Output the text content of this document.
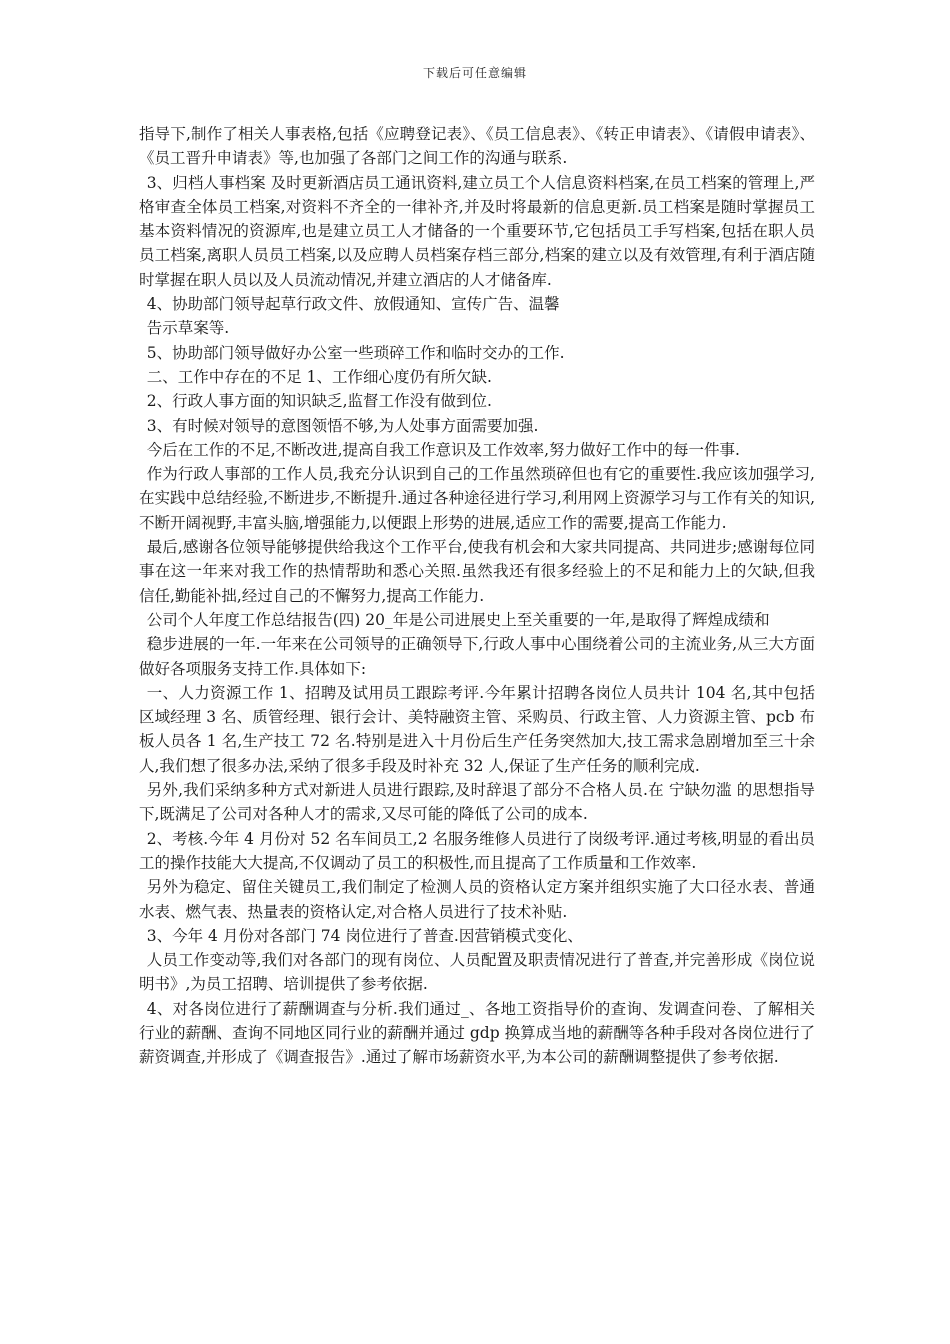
下载后可任意编辑

指导下,制作了相关人事表格,包括《应聘登记表》、《员工信息表》、《转正申请表》、《请假申请表》、《员工晋升申请表》等,也加强了各部门之间工作的沟通与联系.

3、归档人事档案 及时更新酒店员工通讯资料,建立员工个人信息资料档案,在员工档案的管理上,严格审查全体员工档案,对资料不齐全的一律补齐,并及时将最新的信息更新.员工档案是随时掌握员工基本资料情况的资源库,也是建立员工人才储备的一个重要环节,它包括员工手写档案,包括在职人员员工档案,离职人员员工档案,以及应聘人员档案存档三部分,档案的建立以及有效管理,有利于酒店随时掌握在职人员以及人员流动情况,并建立酒店的人才储备库.

4、协助部门领导起草行政文件、放假通知、宣传广告、温馨

告示草案等.

5、协助部门领导做好办公室一些琐碎工作和临时交办的工作.

二、工作中存在的不足 1、工作细心度仍有所欠缺.

2、行政人事方面的知识缺乏,监督工作没有做到位.

3、有时候对领导的意图领悟不够,为人处事方面需要加强.

今后在工作的不足,不断改进,提高自我工作意识及工作效率,努力做好工作中的每一件事.

作为行政人事部的工作人员,我充分认识到自己的工作虽然琐碎但也有它的重要性.我应该加强学习,在实践中总结经验,不断进步,不断提升.通过各种途径进行学习,利用网上资源学习与工作有关的知识,不断开阔视野,丰富头脑,增强能力,以便跟上形势的进展,适应工作的需要,提高工作能力.

最后,感谢各位领导能够提供给我这个工作平台,使我有机会和大家共同提高、共同进步;感谢每位同事在这一年来对我工作的热情帮助和悉心关照.虽然我还有很多经验上的不足和能力上的欠缺,但我信任,勤能补拙,经过自己的不懈努力,提高工作能力.

公司个人年度工作总结报告(四) 20_年是公司进展史上至关重要的一年,是取得了辉煌成绩和

稳步进展的一年.一年来在公司领导的正确领导下,行政人事中心围绕着公司的主流业务,从三大方面做好各项服务支持工作.具体如下:

一、人力资源工作 1、招聘及试用员工跟踪考评.今年累计招聘各岗位人员共计 104 名,其中包括区域经理 3 名、质管经理、银行会计、美特融资主管、采购员、行政主管、人力资源主管、pcb 布板人员各 1 名,生产技工 72 名.特别是进入十月份后生产任务突然加大,技工需求急剧增加至三十余人,我们想了很多办法,采纳了很多手段及时补充 32 人,保证了生产任务的顺利完成.

另外,我们采纳多种方式对新进人员进行跟踪,及时辞退了部分不合格人员.在 宁缺勿滥 的思想指导下,既满足了公司对各种人才的需求,又尽可能的降低了公司的成本.

2、考核.今年 4 月份对 52 名车间员工,2 名服务维修人员进行了岗级考评.通过考核,明显的看出员工的操作技能大大提高,不仅调动了员工的积极性,而且提高了工作质量和工作效率.

另外为稳定、留住关键员工,我们制定了检测人员的资格认定方案并组织实施了大口径水表、普通水表、燃气表、热量表的资格认定,对合格人员进行了技术补贴.

3、今年 4 月份对各部门 74 岗位进行了普查.因营销模式变化、

人员工作变动等,我们对各部门的现有岗位、人员配置及职责情况进行了普查,并完善形成《岗位说明书》,为员工招聘、培训提供了参考依据.

4、对各岗位进行了薪酬调查与分析.我们通过_、各地工资指导价的查询、发调查问卷、了解相关行业的薪酬、查询不同地区同行业的薪酬并通过 gdp 换算成当地的薪酬等各种手段对各岗位进行了薪资调查,并形成了《调查报告》.通过了解市场薪资水平,为本公司的薪酬调整提供了参考依据.
